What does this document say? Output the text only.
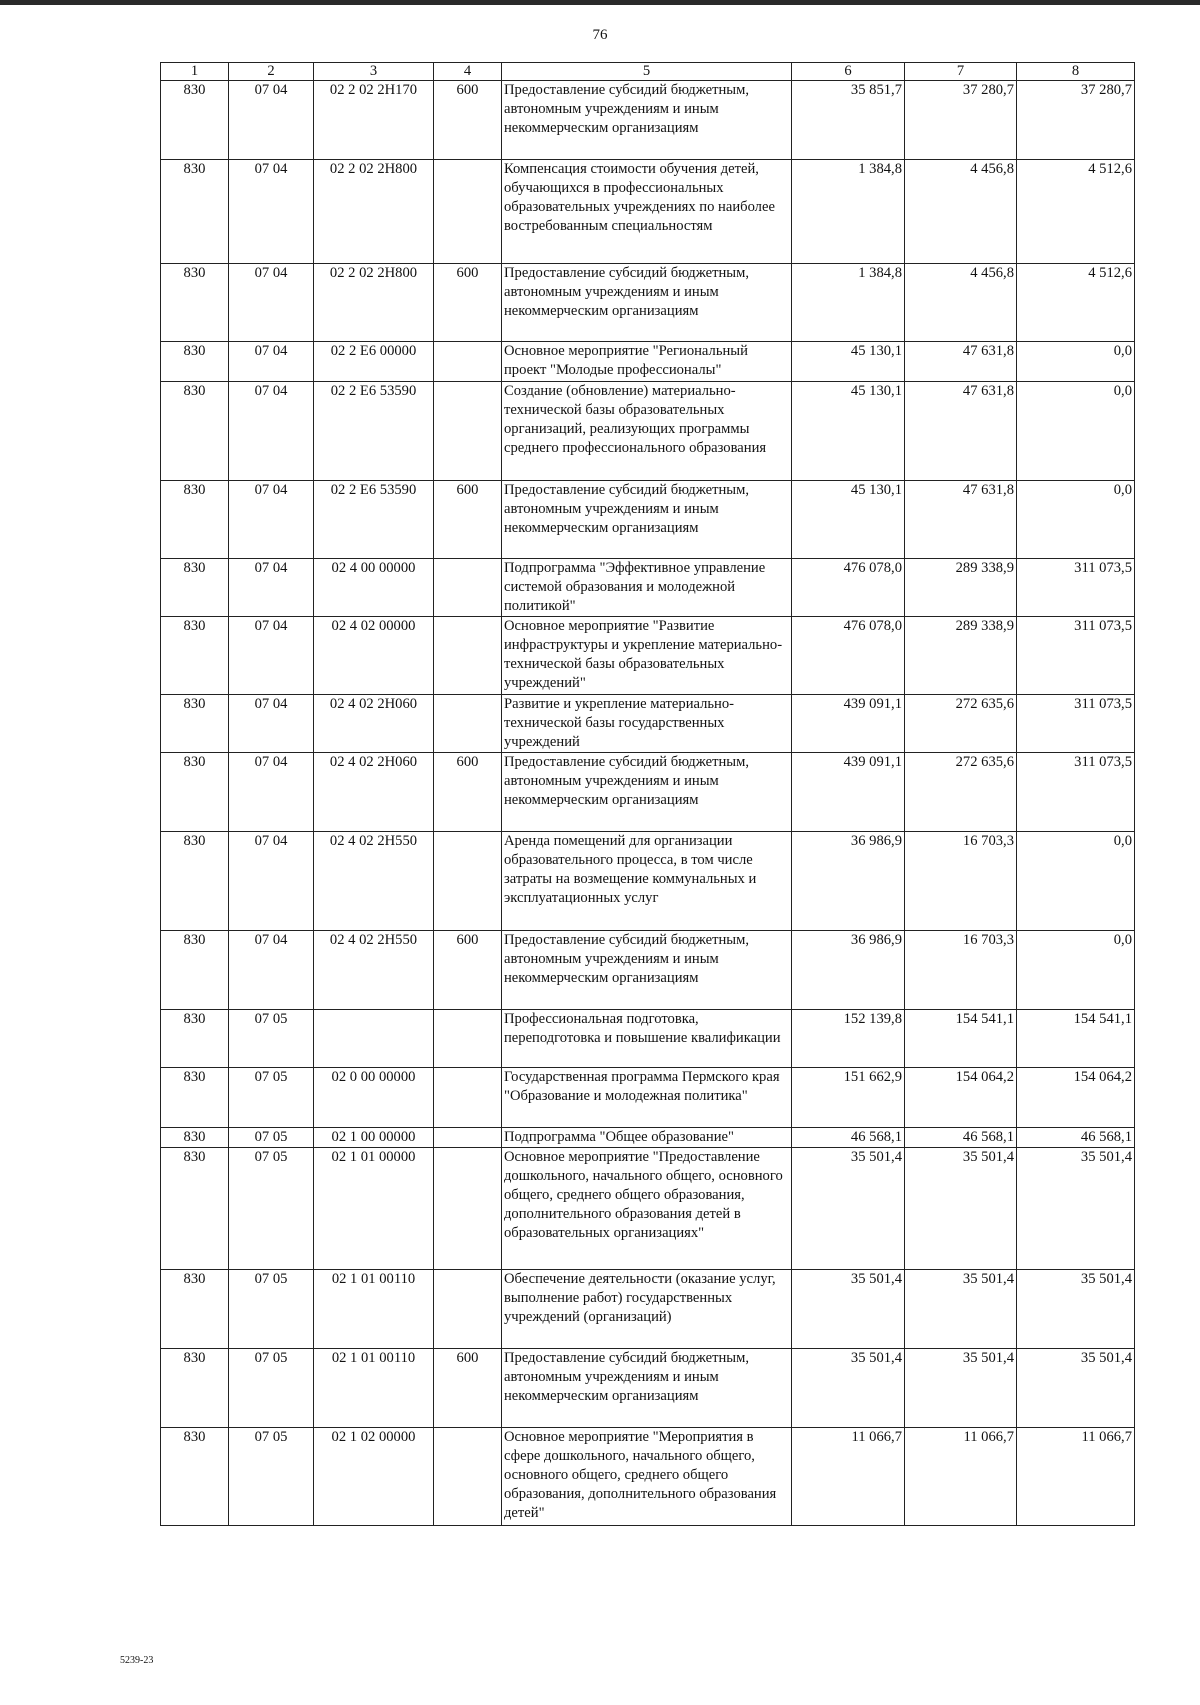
76
1	2	3	4	5	6	7	8
830	07 04	02 2 02 2Н170	600	Предоставление субсидий бюджетным, автономным учреждениям и иным некоммерческим организациям	35 851,7	37 280,7	37 280,7
830	07 04	02 2 02 2Н800		Компенсация стоимости обучения детей, обучающихся в профессиональных образовательных учреждениях по наиболее востребованным специальностям	1 384,8	4 456,8	4 512,6
830	07 04	02 2 02 2Н800	600	Предоставление субсидий бюджетным, автономным учреждениям и иным некоммерческим организациям	1 384,8	4 456,8	4 512,6
830	07 04	02 2 Е6 00000		Основное мероприятие "Региональный проект "Молодые профессионалы"	45 130,1	47 631,8	0,0
830	07 04	02 2 Е6 53590		Создание (обновление) материально-технической базы образовательных организаций, реализующих программы среднего профессионального образования	45 130,1	47 631,8	0,0
830	07 04	02 2 Е6 53590	600	Предоставление субсидий бюджетным, автономным учреждениям и иным некоммерческим организациям	45 130,1	47 631,8	0,0
830	07 04	02 4 00 00000		Подпрограмма "Эффективное управление системой образования и молодежной политикой"	476 078,0	289 338,9	311 073,5
830	07 04	02 4 02 00000		Основное мероприятие "Развитие инфраструктуры и укрепление материально-технической базы образовательных учреждений"	476 078,0	289 338,9	311 073,5
830	07 04	02 4 02 2Н060		Развитие и укрепление материально-технической базы государственных учреждений	439 091,1	272 635,6	311 073,5
830	07 04	02 4 02 2Н060	600	Предоставление субсидий бюджетным, автономным учреждениям и иным некоммерческим организациям	439 091,1	272 635,6	311 073,5
830	07 04	02 4 02 2Н550		Аренда помещений для организации образовательного процесса, в том числе затраты на возмещение коммунальных и эксплуатационных услуг	36 986,9	16 703,3	0,0
830	07 04	02 4 02 2Н550	600	Предоставление субсидий бюджетным, автономным учреждениям и иным некоммерческим организациям	36 986,9	16 703,3	0,0
830	07 05			Профессиональная подготовка, переподготовка и повышение квалификации	152 139,8	154 541,1	154 541,1
830	07 05	02 0 00 00000		Государственная программа Пермского края "Образование и молодежная политика"	151 662,9	154 064,2	154 064,2
830	07 05	02 1 00 00000		Подпрограмма "Общее образование"	46 568,1	46 568,1	46 568,1
830	07 05	02 1 01 00000		Основное мероприятие "Предоставление дошкольного, начального общего, основного общего, среднего общего образования, дополнительного образования детей в образовательных организациях"	35 501,4	35 501,4	35 501,4
830	07 05	02 1 01 00110		Обеспечение деятельности (оказание услуг, выполнение работ) государственных учреждений (организаций)	35 501,4	35 501,4	35 501,4
830	07 05	02 1 01 00110	600	Предоставление субсидий бюджетным, автономным учреждениям и иным некоммерческим организациям	35 501,4	35 501,4	35 501,4
830	07 05	02 1 02 00000		Основное мероприятие "Мероприятия в сфере дошкольного, начального общего, основного общего, среднего общего образования, дополнительного образования детей"	11 066,7	11 066,7	11 066,7
5239-23
